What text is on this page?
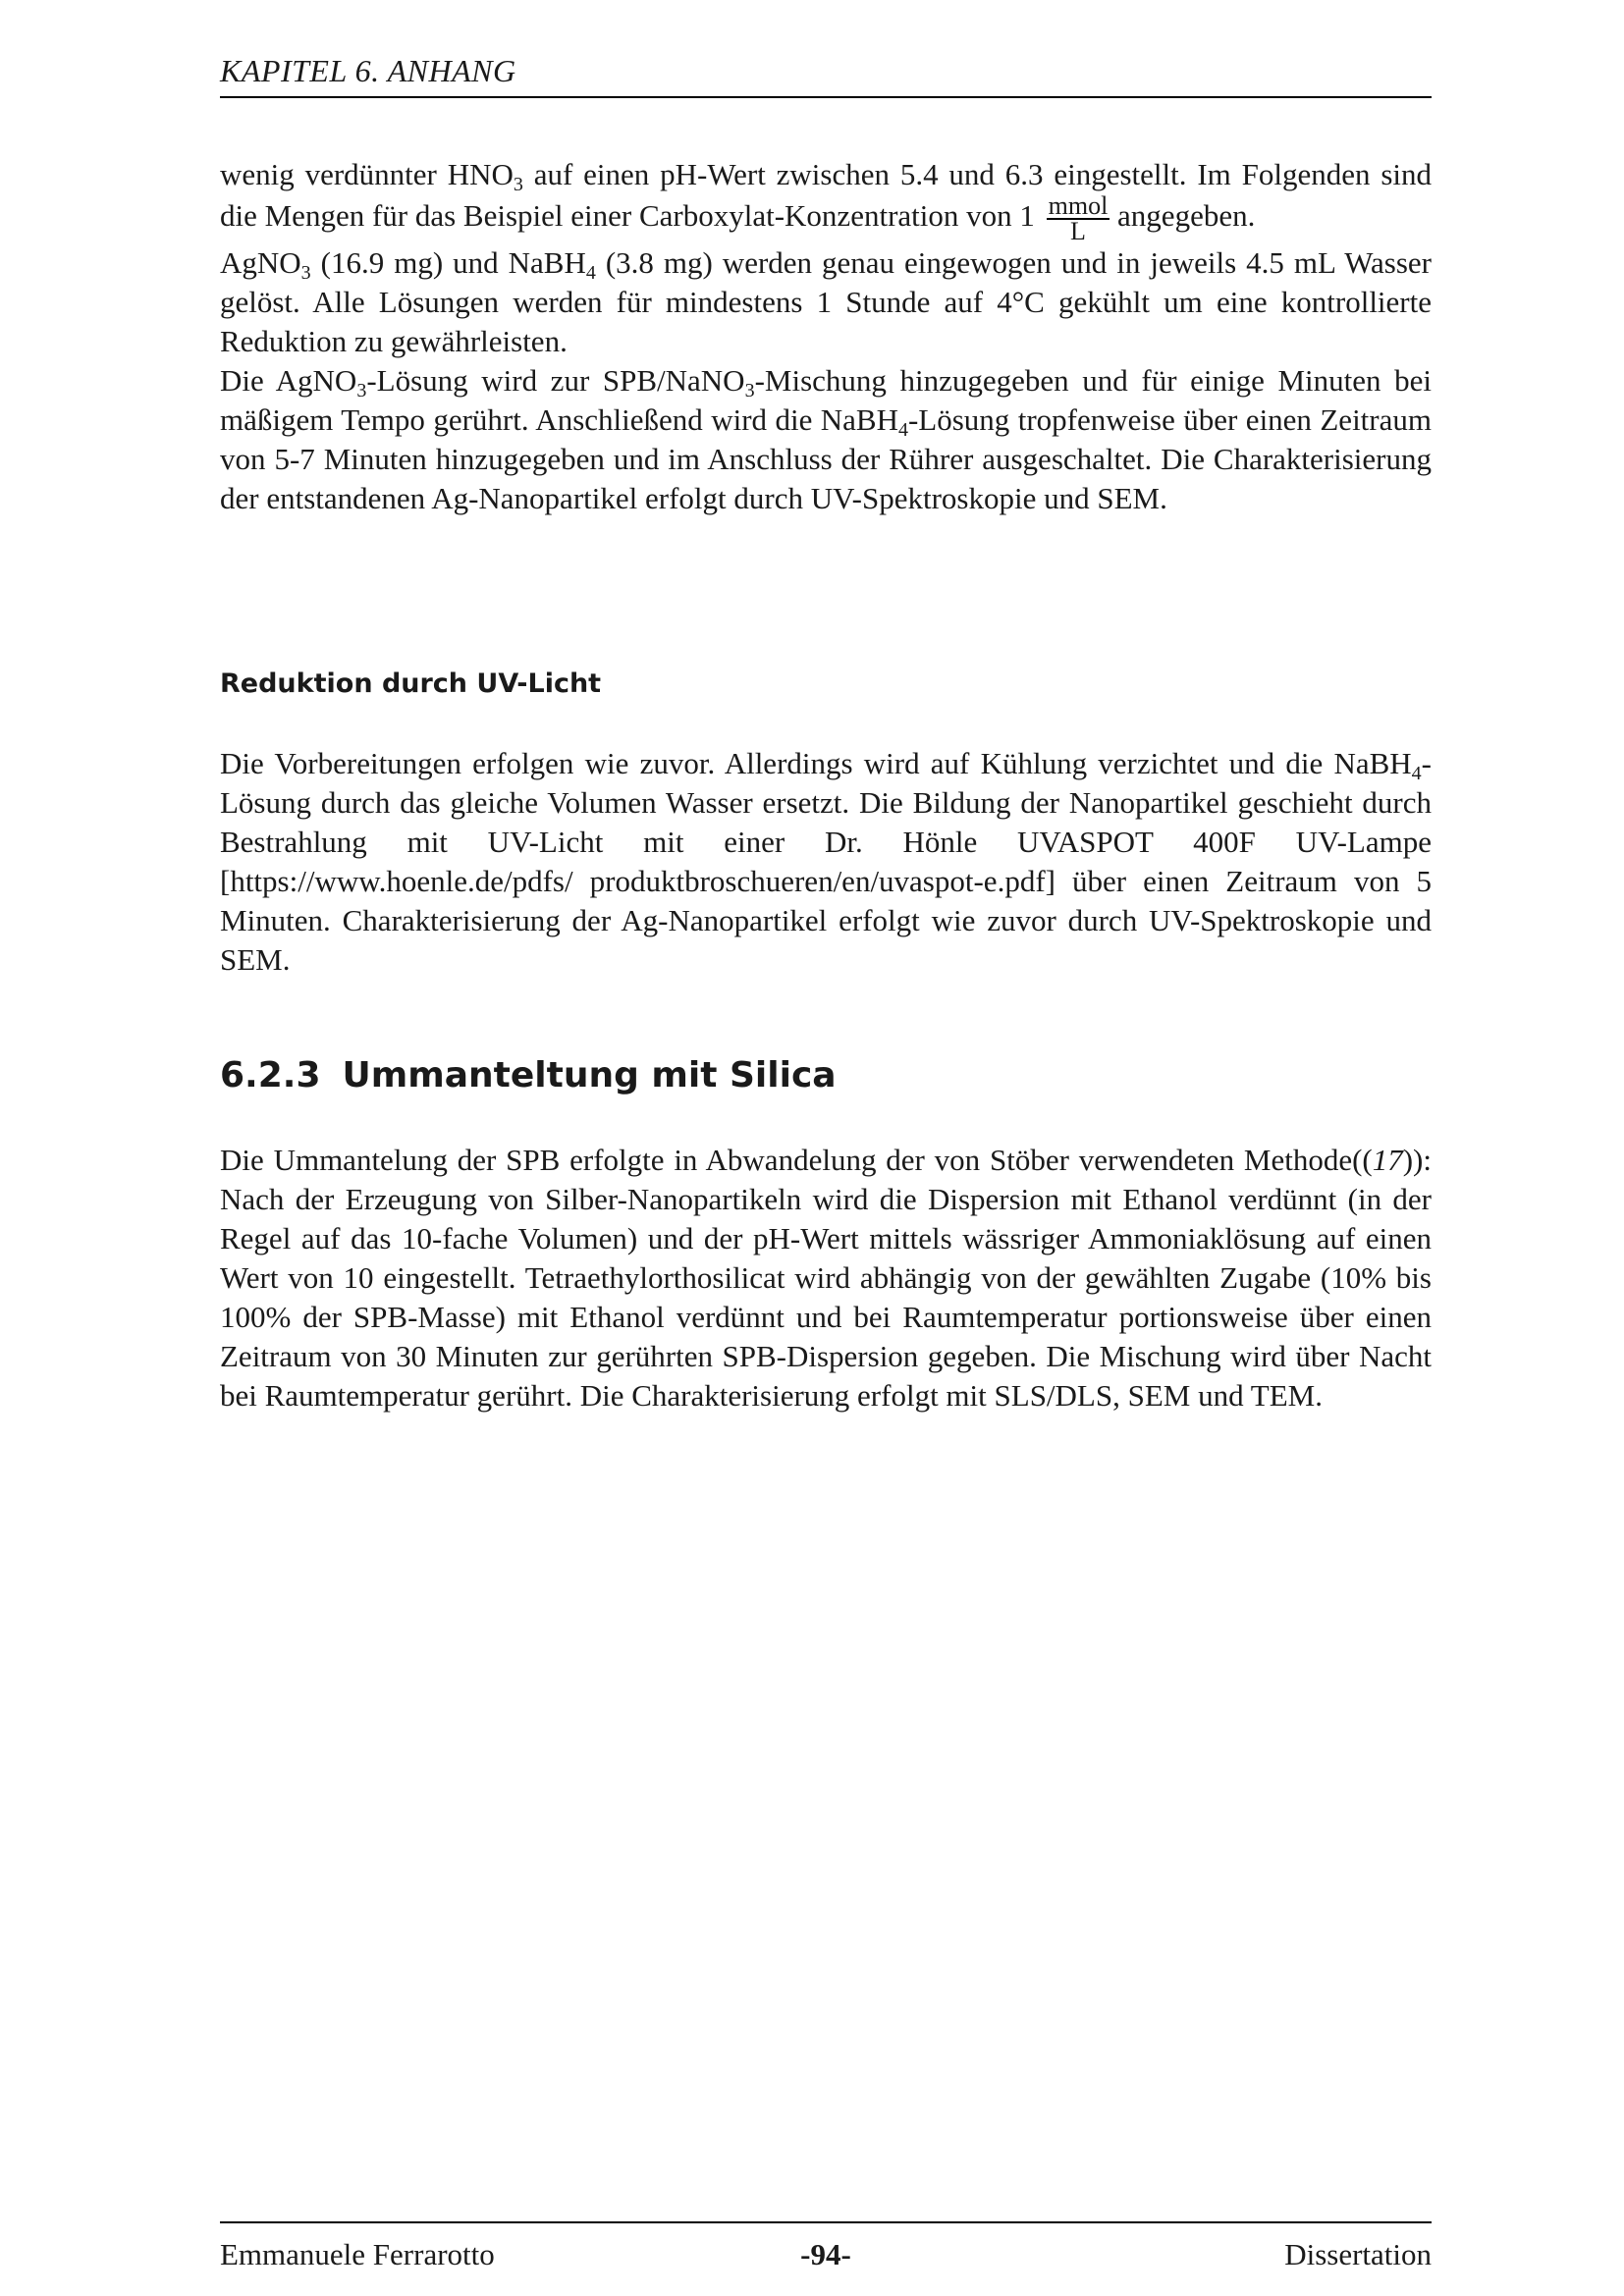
KAPITEL 6. ANHANG

wenig verdünnter $HNO_3$ auf einen pH-Wert zwischen 5.4 und 6.3 eingestellt. Im Folgenden sind die Mengen für das Beispiel einer Carboxylat-Konzentration von $1 \frac{\text{mmol}}{L}$ angegeben.

AgNO$_3$ (16.9 mg) und NaBH$_4$ (3.8 mg) werden genau eingewogen und in jeweils 4.5 mL Wasser gelöst. Alle Lösungen werden für mindestens 1 Stunde auf 4°C gekühlt um eine kontrollierte Reduktion zu gewährleisten.

Die AgNO$_3$-Lösung wird zur SPB/NaNO$_3$-Mischung hinzugegeben und für einige Minuten bei mäßigem Tempo gerührt. Anschließend wird die NaBH$_4$-Lösung tropfenweise über einen Zeitraum von 5-7 Minuten hinzugegeben und im Anschluss der Rührer ausgeschaltet. Die Charakterisierung der entstandenen Ag-Nanopartikel erfolgt durch UV-Spektroskopie und SEM.

Reduktion durch UV-Licht

Die Vorbereitungen erfolgen wie zuvor. Allerdings wird auf Kühlung verzichtet und die NaBH$_4$-Lösung durch das gleiche Volumen Wasser ersetzt. Die Bildung der Nanopartikel geschieht durch Bestrahlung mit UV-Licht mit einer Dr. Hönle UVASPOT 400F UV-Lampe [https://www.hoenle.de/pdfs/ produktbroschueren/en/uvaspot-e.pdf] über einen Zeitraum von 5 Minuten. Charakterisierung der Ag-Nanopartikel erfolgt wie zuvor durch UV-Spektroskopie und SEM.

6.2.3 Ummanteltung mit Silica

Die Ummantelung der SPB erfolgte in Abwandelung der von Stöber verwendeten Methode((17)): Nach der Erzeugung von Silber-Nanopartikeln wird die Dispersion mit Ethanol verdünnt (in der Regel auf das 10-fache Volumen) und der pH-Wert mittels wässriger Ammoniaklösung auf einen Wert von 10 eingestellt. Tetraethylorthosilicat wird abhängig von der gewählten Zugabe (10% bis 100% der SPB-Masse) mit Ethanol verdünnt und bei Raumtemperatur portionsweise über einen Zeitraum von 30 Minuten zur gerührten SPB-Dispersion gegeben. Die Mischung wird über Nacht bei Raumtemperatur gerührt. Die Charakterisierung erfolgt mit SLS/DLS, SEM und TEM.

Emmanuele Ferrarotto	-94-	Dissertation
